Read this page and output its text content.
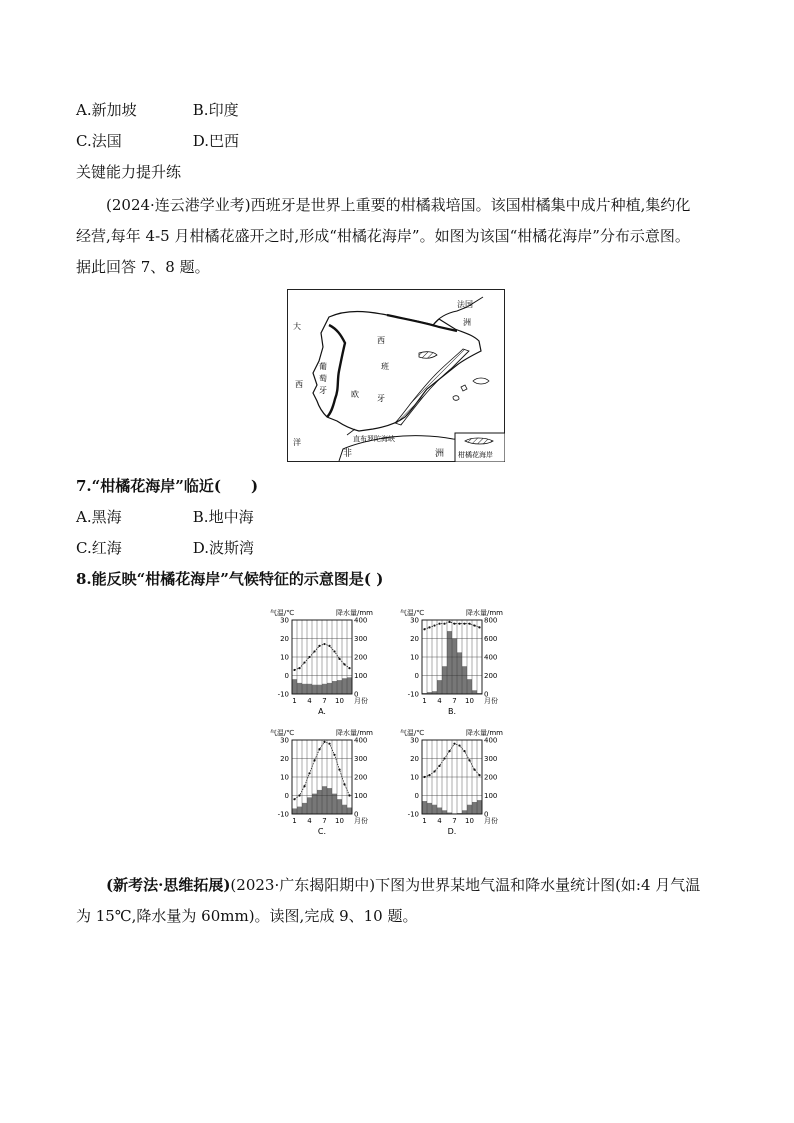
A.新加坡	B.印度
C.法国	D.巴西
关键能力提升练
(2024·连云港学业考)西班牙是世界上重要的柑橘栽培国。该国柑橘集中成片种植,集约化
经营,每年 4-5 月柑橘花盛开之时,形成“柑橘花海岸”。如图为该国“柑橘花海岸”分布示意图。
据此回答 7、8 题。
法国
洲
大
西
洋
葡
萄
牙
西
班
牙
欧
直布罗陀海峡
非	洲 柑橘花海岸
7.“柑橘花海岸”临近(　　)
A.黑海	B.地中海
C.红海	D.波斯湾
8.能反映“柑橘花海岸”气候特征的示意图是( )
气温/℃	降水量/mm
30
20
10
0
-10
400
300
200
100
0
1 4 7 10 月份
A.
气温/℃	降水量/mm
30
20
10
0
-10
800
600
400
200
0
1 4 7 10 月份
B.
气温/℃	降水量/mm
30
20
10
0
-10
400
300
200
100
0
1 4 7 10 月份
C.
气温/℃	降水量/mm
30
20
10
0
-10
400
300
200
100
0
1 4 7 10 月份
D.
(新考法·思维拓展)(2023·广东揭阳期中)下图为世界某地气温和降水量统计图(如:4 月气温
为 15℃,降水量为 60mm)。读图,完成 9、10 题。
